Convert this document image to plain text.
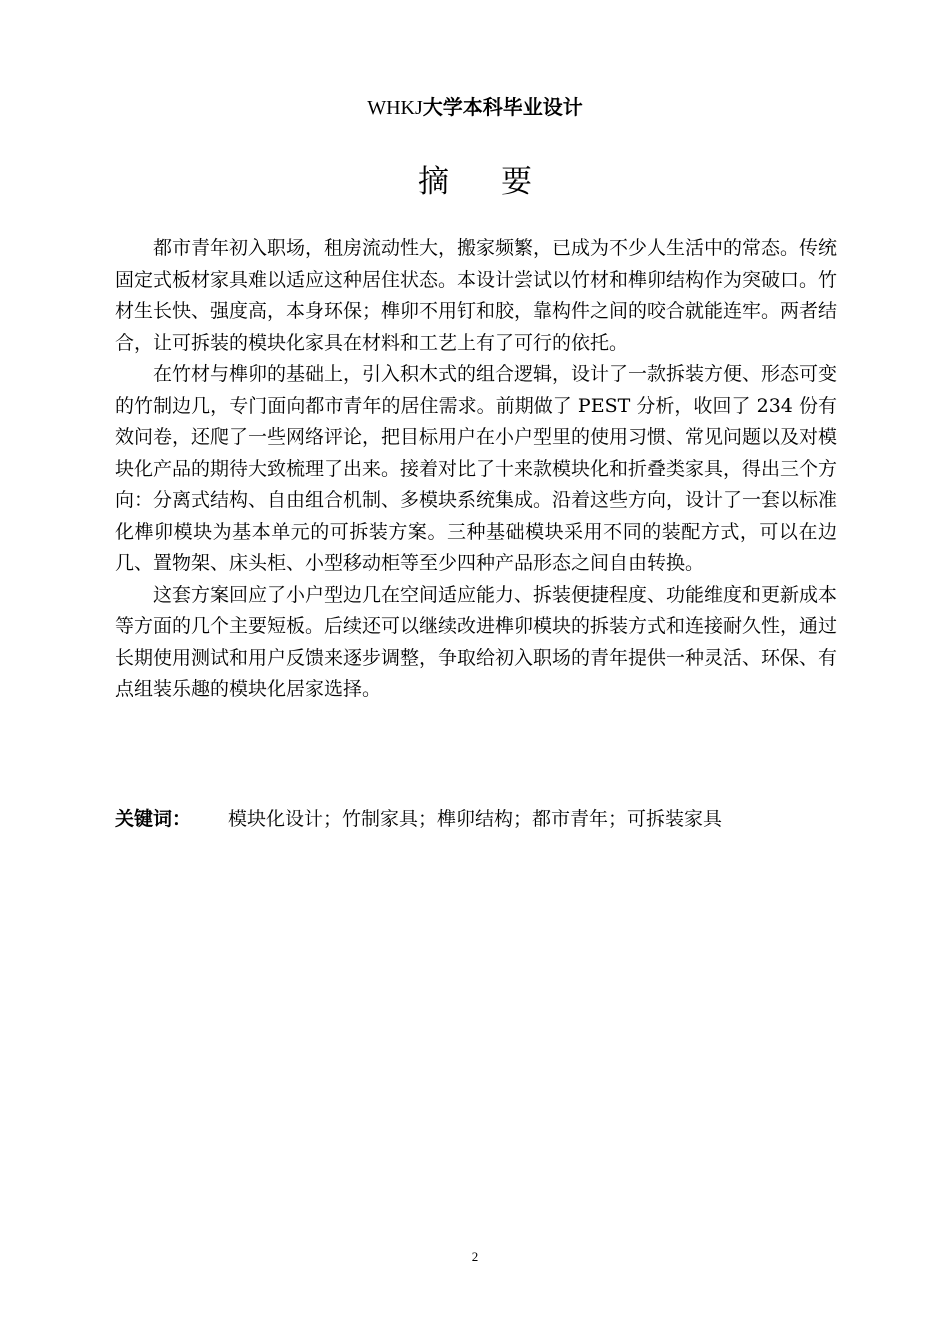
WHKJ大学本科毕业设计
摘要

都市青年初入职场，租房流动性大，搬家频繁，已成为不少人生活中的常态。传统固定式板材家具难以适应这种居住状态。本设计尝试以竹材和榫卯结构作为突破口。竹材生长快、强度高，本身环保；榫卯不用钉和胶，靠构件之间的咬合就能连牢。两者结合，让可拆装的模块化家具在材料和工艺上有了可行的依托。

在竹材与榫卯的基础上，引入积木式的组合逻辑，设计了一款拆装方便、形态可变的竹制边几，专门面向都市青年的居住需求。前期做了 PEST 分析，收回了 234 份有效问卷，还爬了一些网络评论，把目标用户在小户型里的使用习惯、常见问题以及对模块化产品的期待大致梳理了出来。接着对比了十来款模块化和折叠类家具，得出三个方向：分离式结构、自由组合机制、多模块系统集成。沿着这些方向，设计了一套以标准化榫卯模块为基本单元的可拆装方案。三种基础模块采用不同的装配方式，可以在边几、置物架、床头柜、小型移动柜等至少四种产品形态之间自由转换。

这套方案回应了小户型边几在空间适应能力、拆装便捷程度、功能维度和更新成本等方面的几个主要短板。后续还可以继续改进榫卯模块的拆装方式和连接耐久性，通过长期使用测试和用户反馈来逐步调整，争取给初入职场的青年提供一种灵活、环保、有点组装乐趣的模块化居家选择。

关键词： 模块化设计；竹制家具；榫卯结构；都市青年；可拆装家具
2
